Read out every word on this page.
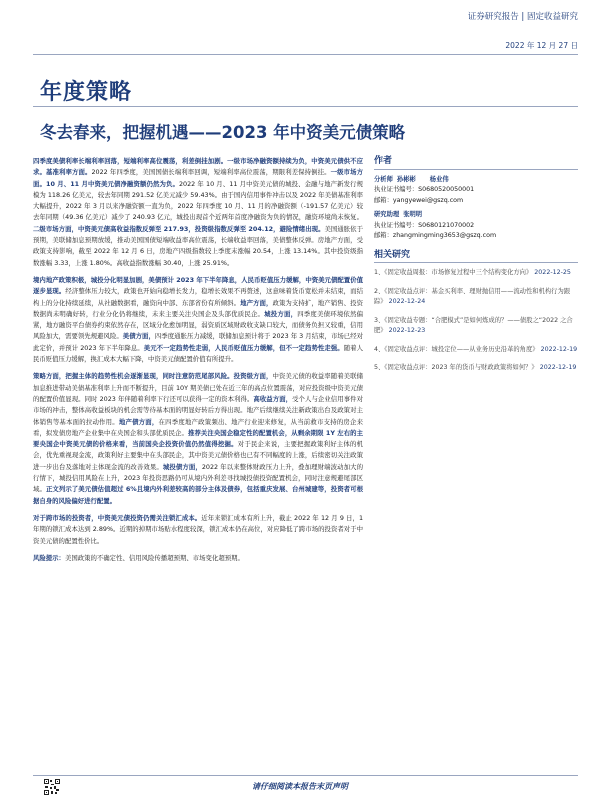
证券研究报告 | 固定收益研究
2022 年 12 月 27 日
年度策略
冬去春来，把握机遇——2023 年中资美元债策略

四季度美债利率长端利率回落，短端利率高位震荡，利差倒挂加剧。一级市场净融资额持续为负，中资美元债供不应求。基准利率方面。2022 年四季度，美国国债长端利率回调，短端利率高位震荡，期限利差保持倒挂。一级市场方面。10 月、11 月中资美元债净融资额仍然为负。2022 年 10 月、11 月中资美元债的城投、金融与地产新发行规模为 118.26 亿美元，较去年同期 291.52 亿美元减少 59.43%。由于国内信用事件冲击以及 2022 年美债基准利率大幅提升，2022 年 3 月以来净融资额一直为负，2022 年四季度 10 月、11 月的净融资额（-191.57 亿美元）较去年同期（49.36 亿美元）减少了 240.93 亿元，城投出现首个近两年首度净融资为负的情况，融资环境尚未恢复。二级市场方面，中资美元债高收益指数反弹至 217.93，投资级指数反弹至 204.12，避险情绪出现。美国通胀依于预期，美联储加息预期放缓，推动美国国债短端收益率高位震荡，长端收益率回落，美债整体反弹。房地产方面，受政策支持影响，截至 2022 年 12 月 6 日，房地产四级指数较上季度末涨幅 20.54，上涨 13.14%。其中投资级指数涨幅 3.33，上涨 1.80%。高收益指数涨幅 30.40，上涨 25.91%。

境内地产政策积极，城投分化明显加剧，美债预计 2023 年下半年降息，人民币贬值压力缓解，中资美元债配置价值逐步显现。经济整体压力较大，政策也开始向稳增长发力，稳增长效果不再赘述，这意味着货币宽松并未结束，而结构上的分化持续延续，从社融数据看，融资向中部、东部省份有所倾斜。地产方面，政策为支持扩，地产销售、投资数据尚未明确好转，行业分化仍将继续，未来主要关注央国企及头部优质民企。城投方面，四季度美债环境依然偏紧，地方融资平台债券约束依然存在，区域分化愈加明显，弱资质区域财政收支缺口较大，而债务负担又较重，信用风险加大，需要领先规避风险。美债方面，四季度通胀压力减缓，联储加息预计将于 2023 年 3 月结束，市场已经对此定价，并预计 2023 年下半年降息。美元不一定趋势性走弱，人民币贬值压力缓解，但不一定趋势性走强。随着人民币贬值压力缓解，换汇成本大幅下降，中资美元债配置价值有所提升。

策略方面，把握主体的趋势性机会逐渐显现，同时注意防范尾部风险。投资级方面，中资美元债的收益率随着美联储加息推进带动美债基准利率上升而不断提升，目前 10Y 期美债已处在近三年的高点位置震荡，对应投资级中资美元债的配置价值显现。同时 2023 年伴随着利率下行还可以获得一定的资本利得。高收益方面，受个人与企业信用事件对市场的冲击，整体高收益板块的机会需等待基本面的明显好转后方得出现。地产后续继续关注新政策出台及政策对主体销售等基本面的拉动作用。地产债方面，在四季度地产政策频出、地产行业迎来修复，从当前救市支持的房企来看，拟发债房地产企业集中在央国企和头部优质民企。推荐关注央国企稳定性的配置机会，从剩余期限 1Y 左右的主要央国企中资美元债的价格来看，当前国央企投资价值仍然值得挖掘。对于民企来说，主要把握政策利好主体的机会，优先重视现金流，政策利好主要集中在头部民企，其中资美元债价格也已有不同幅度的上涨，后续密切关注政策进一步出台及落地对主体现金流的改善效果。城投债方面，2022 年以来整体财政压力上升，叠加理财端波动加大的行情下，城投信用风险在上升，2023 年投资思路仍可从境内外利差寻找城投债投资配置机会，同时注意规避尾部区域。正文列示了美元债估值超过 6%且境内外利差较高的部分主体及债券，包括重庆发展、台州城建等，投资者可根据自身的风险偏好进行配置。

对于跨市场的投资者，中资美元债投资仍需关注锁汇成本。近年来锁汇成本有所上升，截止 2022 年 12 月 9 日，1 年期的锁汇成本达到 2.89%。近期的掉期市场贴水程度较深，锁汇成本仍在高位，对应降低了跨市场的投资者对于中资美元债的配置性价比。

风险提示：美国政策的不确定性、信用风险传播超预期、市场变化超预期。

作者
分析师 孙彬彬 杨业伟
执业证书编号：S0680520050001
邮箱：yangyewei@gszq.com
研究助理 张明明
执业证书编号：S0680121070002
邮箱：zhangmingming3653@gszq.com
相关研究
1、《固定收益周报：市场修复过程中三个结构变化方向》 2022-12-25
2、《固定收益点评：基金买利率、理财抛信用——流动性和机构行为跟踪》 2022-12-24
3、《固定收益专题：“合肥模式”是如何炼成的？——债股之“2022 之合肥》 2022-12-23
4、《固定收益点评：城投定位——从业务历史沿革的角度》 2022-12-19
5、《固定收益点评：2023 年的货币与财政政策将如何？》 2022-12-19
请仔细阅读本报告末页声明
